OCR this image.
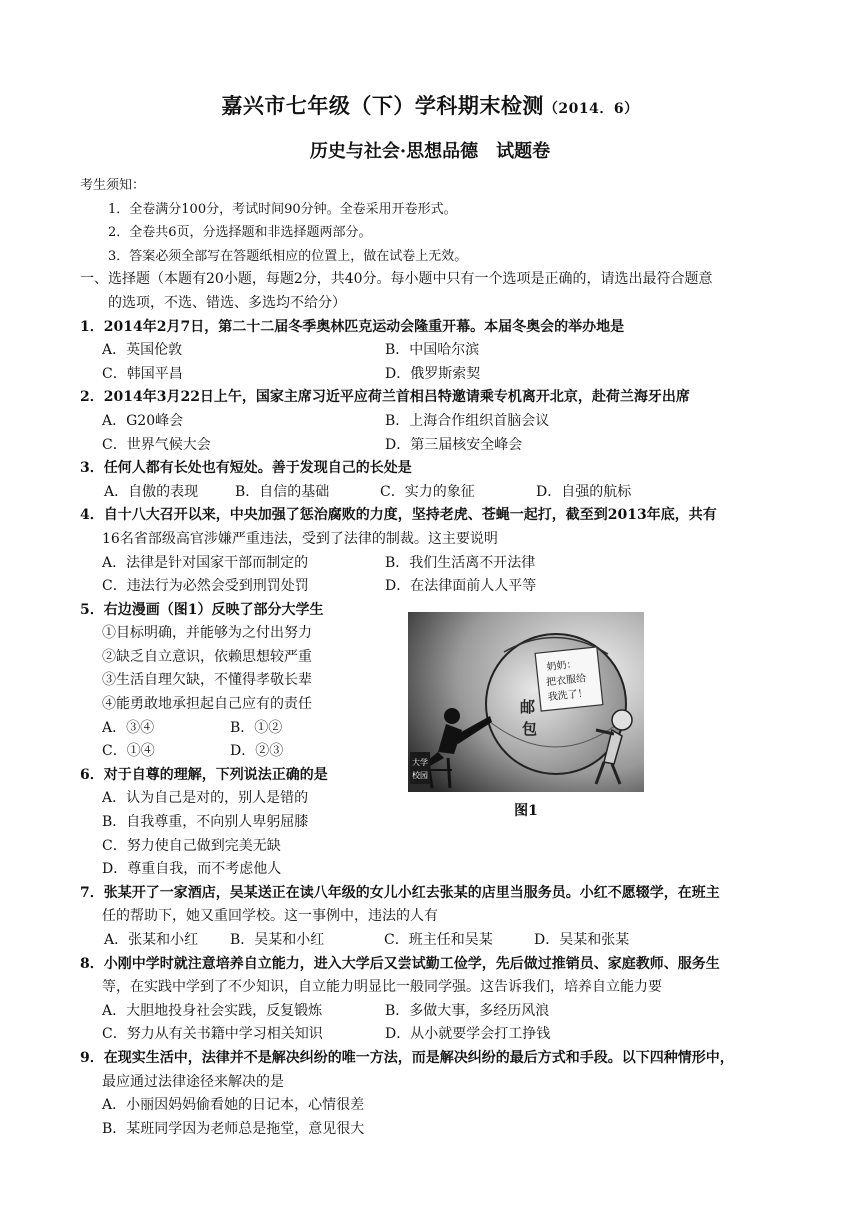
嘉兴市七年级（下）学科期末检测（2014．6）
历史与社会·思想品德　试题卷
考生须知：
1．全卷满分100分，考试时间90分钟。全卷采用开卷形式。
2．全卷共6页，分选择题和非选择题两部分。
3．答案必须全部写在答题纸相应的位置上，做在试卷上无效。
一、选择题（本题有20小题，每题2分，共40分。每小题中只有一个选项是正确的，请选出最符合题意
的选项，不选、错选、多选均不给分）
1．2014年2月7日，第二十二届冬季奥林匹克运动会隆重开幕。本届冬奥会的举办地是
A．英国伦敦	B．中国哈尔滨
C．韩国平昌	D．俄罗斯索契
2．2014年3月22日上午，国家主席习近平应荷兰首相吕特邀请乘专机离开北京，赴荷兰海牙出席
A．G20峰会	B．上海合作组织首脑会议
C．世界气候大会	D．第三届核安全峰会
3．任何人都有长处也有短处。善于发现自己的长处是
A．自傲的表现	B．自信的基础	C．实力的象征	D．自强的航标
4．自十八大召开以来，中央加强了惩治腐败的力度，坚持老虎、苍蝇一起打，截至到2013年底，共有
16名省部级高官涉嫌严重违法，受到了法律的制裁。这主要说明
A．法律是针对国家干部而制定的	B．我们生活离不开法律
C．违法行为必然会受到刑罚处罚	D．在法律面前人人平等
5．右边漫画（图1）反映了部分大学生
①目标明确，并能够为之付出努力
②缺乏自立意识，依赖思想较严重
③生活自理欠缺，不懂得孝敬长辈
④能勇敢地承担起自己应有的责任
A．③④	B．①②
C．①④	D．②③
6．对于自尊的理解，下列说法正确的是
A．认为自己是对的，别人是错的
B．自我尊重，不向别人卑躬屈膝
C．努力使自己做到完美无缺
D．尊重自我，而不考虑他人
7．张某开了一家酒店，吴某送正在读八年级的女儿小红去张某的店里当服务员。小红不愿辍学，在班主
任的帮助下，她又重回学校。这一事例中，违法的人有
A．张某和小红	B．吴某和小红	C．班主任和吴某	D．吴某和张某
8．小刚中学时就注意培养自立能力，进入大学后又尝试勤工俭学，先后做过推销员、家庭教师、服务生
等，在实践中学到了不少知识，自立能力明显比一般同学强。这告诉我们，培养自立能力要
A．大胆地投身社会实践，反复锻炼	B．多做大事，多经历风浪
C．努力从有关书籍中学习相关知识	D．从小就要学会打工挣钱
9．在现实生活中，法律并不是解决纠纷的唯一方法，而是解决纠纷的最后方式和手段。以下四种情形中，
最应通过法律途径来解决的是
A．小丽因妈妈偷看她的日记本，心情很差
B．某班同学因为老师总是拖堂，意见很大
奶奶：
把衣服给
我洗了！
邮
包
大学
校园
图1
